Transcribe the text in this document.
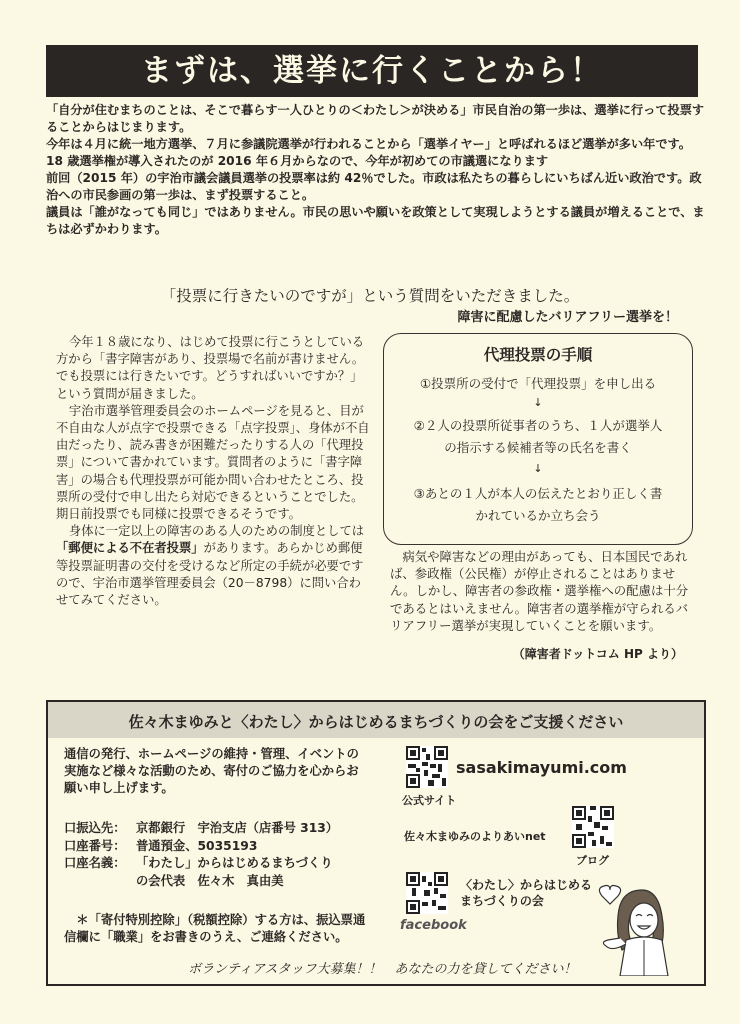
まずは、選挙に行くことから！

「自分が住むまちのことは、そこで暮らす一人ひとりの＜わたし＞が決める」市民自治の第一歩は、選挙に行って投票することからはじまります。

今年は４月に統一地方選挙、７月に参議院選挙が行われることから「選挙イヤー」と呼ばれるほど選挙が多い年です。18 歳選挙権が導入されたのが 2016 年６月からなので、今年が初めての市議選になります

前回（2015 年）の宇治市議会議員選挙の投票率は約 42％でした。市政は私たちの暮らしにいちばん近い政治です。政治への市民参画の第一歩は、まず投票すること。

議員は「誰がなっても同じ」ではありません。市民の思いや願いを政策として実現しようとする議員が増えることで、まちは必ずかわります。

「投票に行きたいのですが」という質問をいただきました。
障害に配慮したバリアフリー選挙を！

今年１８歳になり、はじめて投票に行こうとしている方から「書字障害があり、投票場で名前が書けません。でも投票には行きたいです。どうすればいいですか？」という質問が届きました。

宇治市選挙管理委員会のホームページを見ると、目が不自由な人が点字で投票できる「点字投票」、身体が不自由だったり、読み書きが困難だったりする人の「代理投票」について書かれています。質問者のように「書字障害」の場合も代理投票が可能か問い合わせたところ、投票所の受付で申し出たら対応できるということでした。期日前投票でも同様に投票できるそうです。

身体に一定以上の障害のある人のための制度としては「郵便による不在者投票」があります。あらかじめ郵便等投票証明書の交付を受けるなど所定の手続が必要ですので、宇治市選挙管理委員会（20－8798）に問い合わせてみてください。

代理投票の手順
①投票所の受付で「代理投票」を申し出る
↓
②２人の投票所従事者のうち、１人が選挙人
の指示する候補者等の氏名を書く
↓
③あとの１人が本人の伝えたとおり正しく書
かれているか立ち会う

病気や障害などの理由があっても、日本国民であれば、参政権（公民権）が停止されることはありません。しかし、障害者の参政権・選挙権への配慮は十分であるとはいえません。障害者の選挙権が守られるバリアフリー選挙が実現していくことを願います。

（障害者ドットコム HP より）
佐々木まゆみと〈わたし〉からはじめるまちづくりの会をご支援ください

通信の発行、ホームページの維持・管理、イベントの実施など様々な活動のため、寄付のご協力を心からお願い申し上げます。

口振込先： 京都銀行　宇治支店（店番号 313）
口座番号： 普通預金、5035193
口座名義： 「わたし」からはじめるまちづくり
の会代表　佐々木　真由美

＊「寄付特別控除」（税額控除）する方は、振込票通信欄に「職業」をお書きのうえ、ご連絡ください。

ボランティアスタッフ大募集！！　あなたの力を貸してください！
sasakimayumi.com
公式サイト
佐々木まゆみのよりあいnet
ブログ
facebook
〈わたし〉からはじめる
まちづくりの会
